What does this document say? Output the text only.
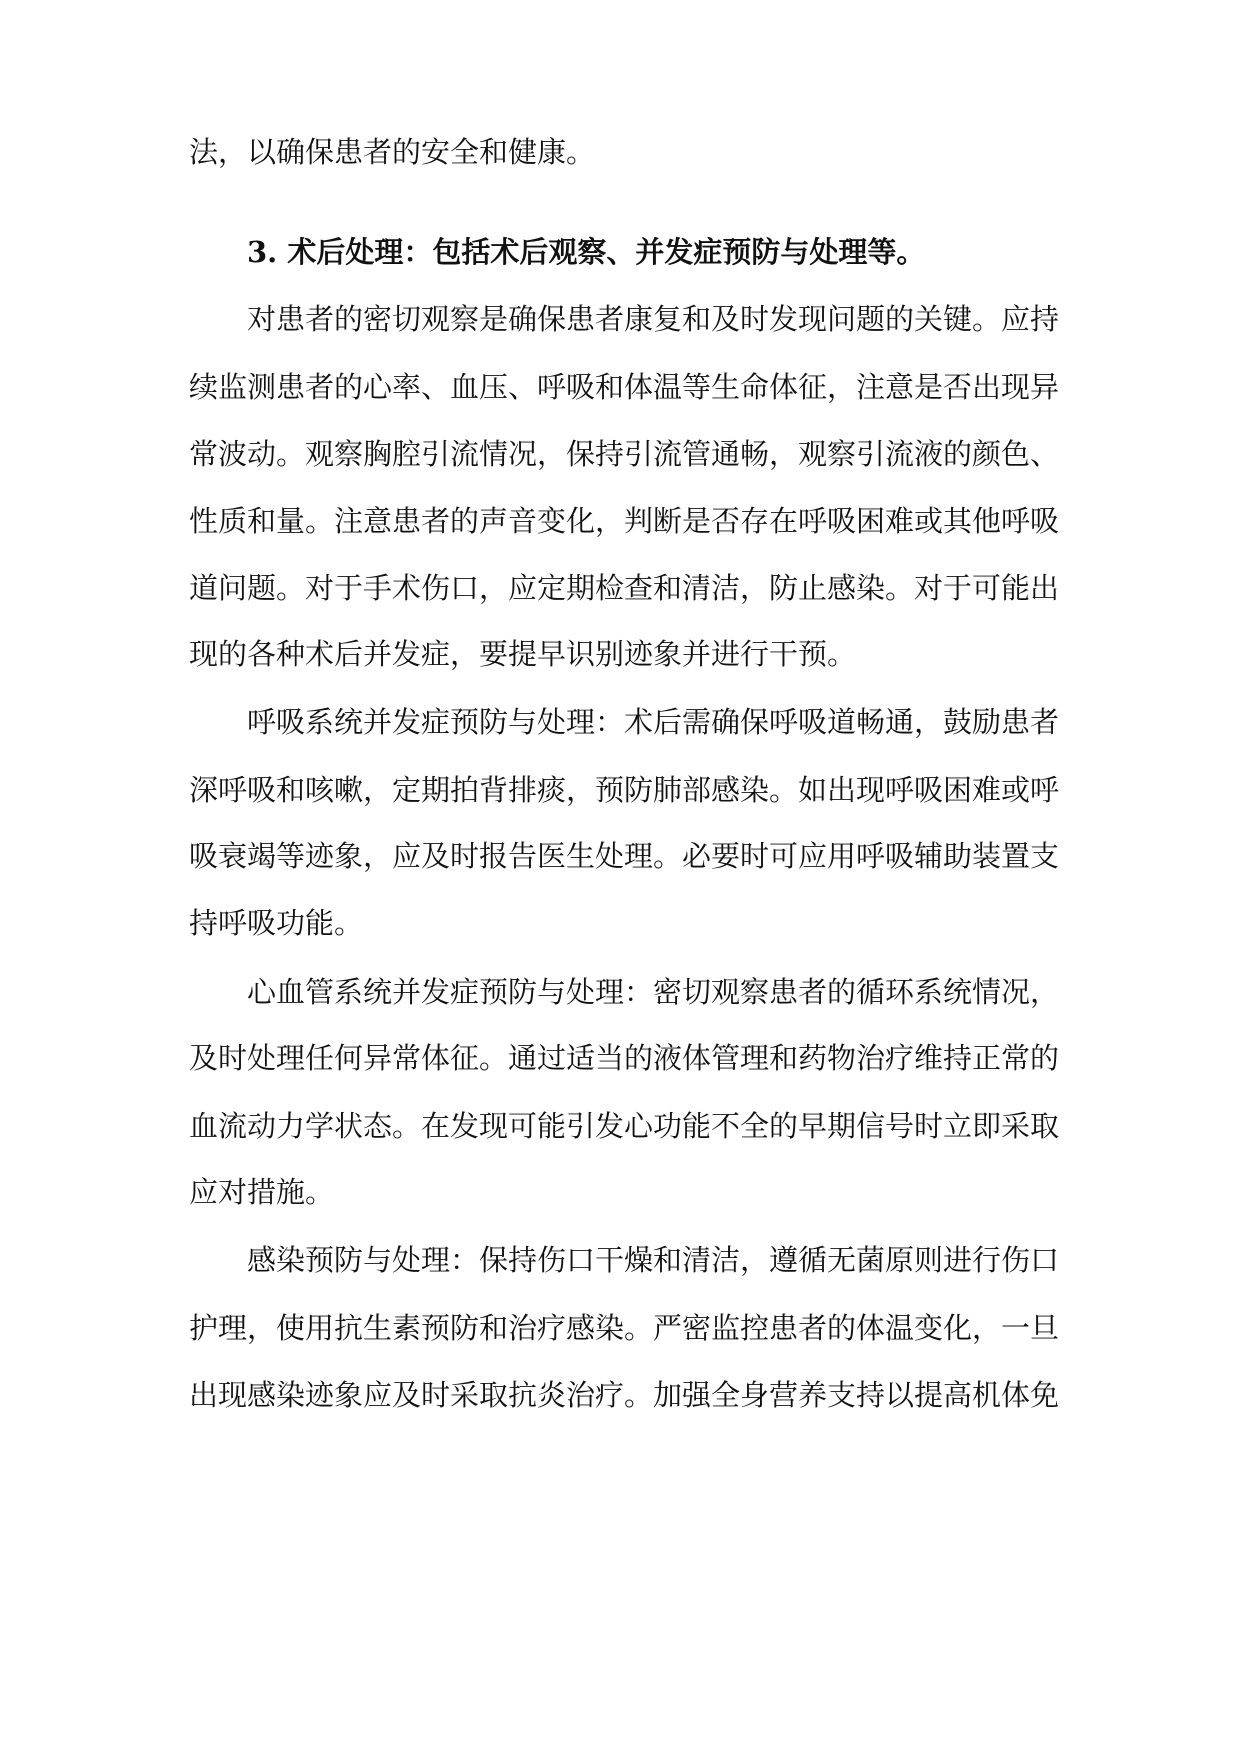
法，以确保患者的安全和健康。
3. 术后处理：包括术后观察、并发症预防与处理等。
对患者的密切观察是确保患者康复和及时发现问题的关键。应持
续监测患者的心率、血压、呼吸和体温等生命体征，注意是否出现异
常波动。观察胸腔引流情况，保持引流管通畅，观察引流液的颜色、
性质和量。注意患者的声音变化，判断是否存在呼吸困难或其他呼吸
道问题。对于手术伤口，应定期检查和清洁，防止感染。对于可能出
现的各种术后并发症，要提早识别迹象并进行干预。
呼吸系统并发症预防与处理：术后需确保呼吸道畅通，鼓励患者
深呼吸和咳嗽，定期拍背排痰，预防肺部感染。如出现呼吸困难或呼
吸衰竭等迹象，应及时报告医生处理。必要时可应用呼吸辅助装置支
持呼吸功能。
心血管系统并发症预防与处理：密切观察患者的循环系统情况，
及时处理任何异常体征。通过适当的液体管理和药物治疗维持正常的
血流动力学状态。在发现可能引发心功能不全的早期信号时立即采取
应对措施。
感染预防与处理：保持伤口干燥和清洁，遵循无菌原则进行伤口
护理，使用抗生素预防和治疗感染。严密监控患者的体温变化，一旦
出现感染迹象应及时采取抗炎治疗。加强全身营养支持以提高机体免
